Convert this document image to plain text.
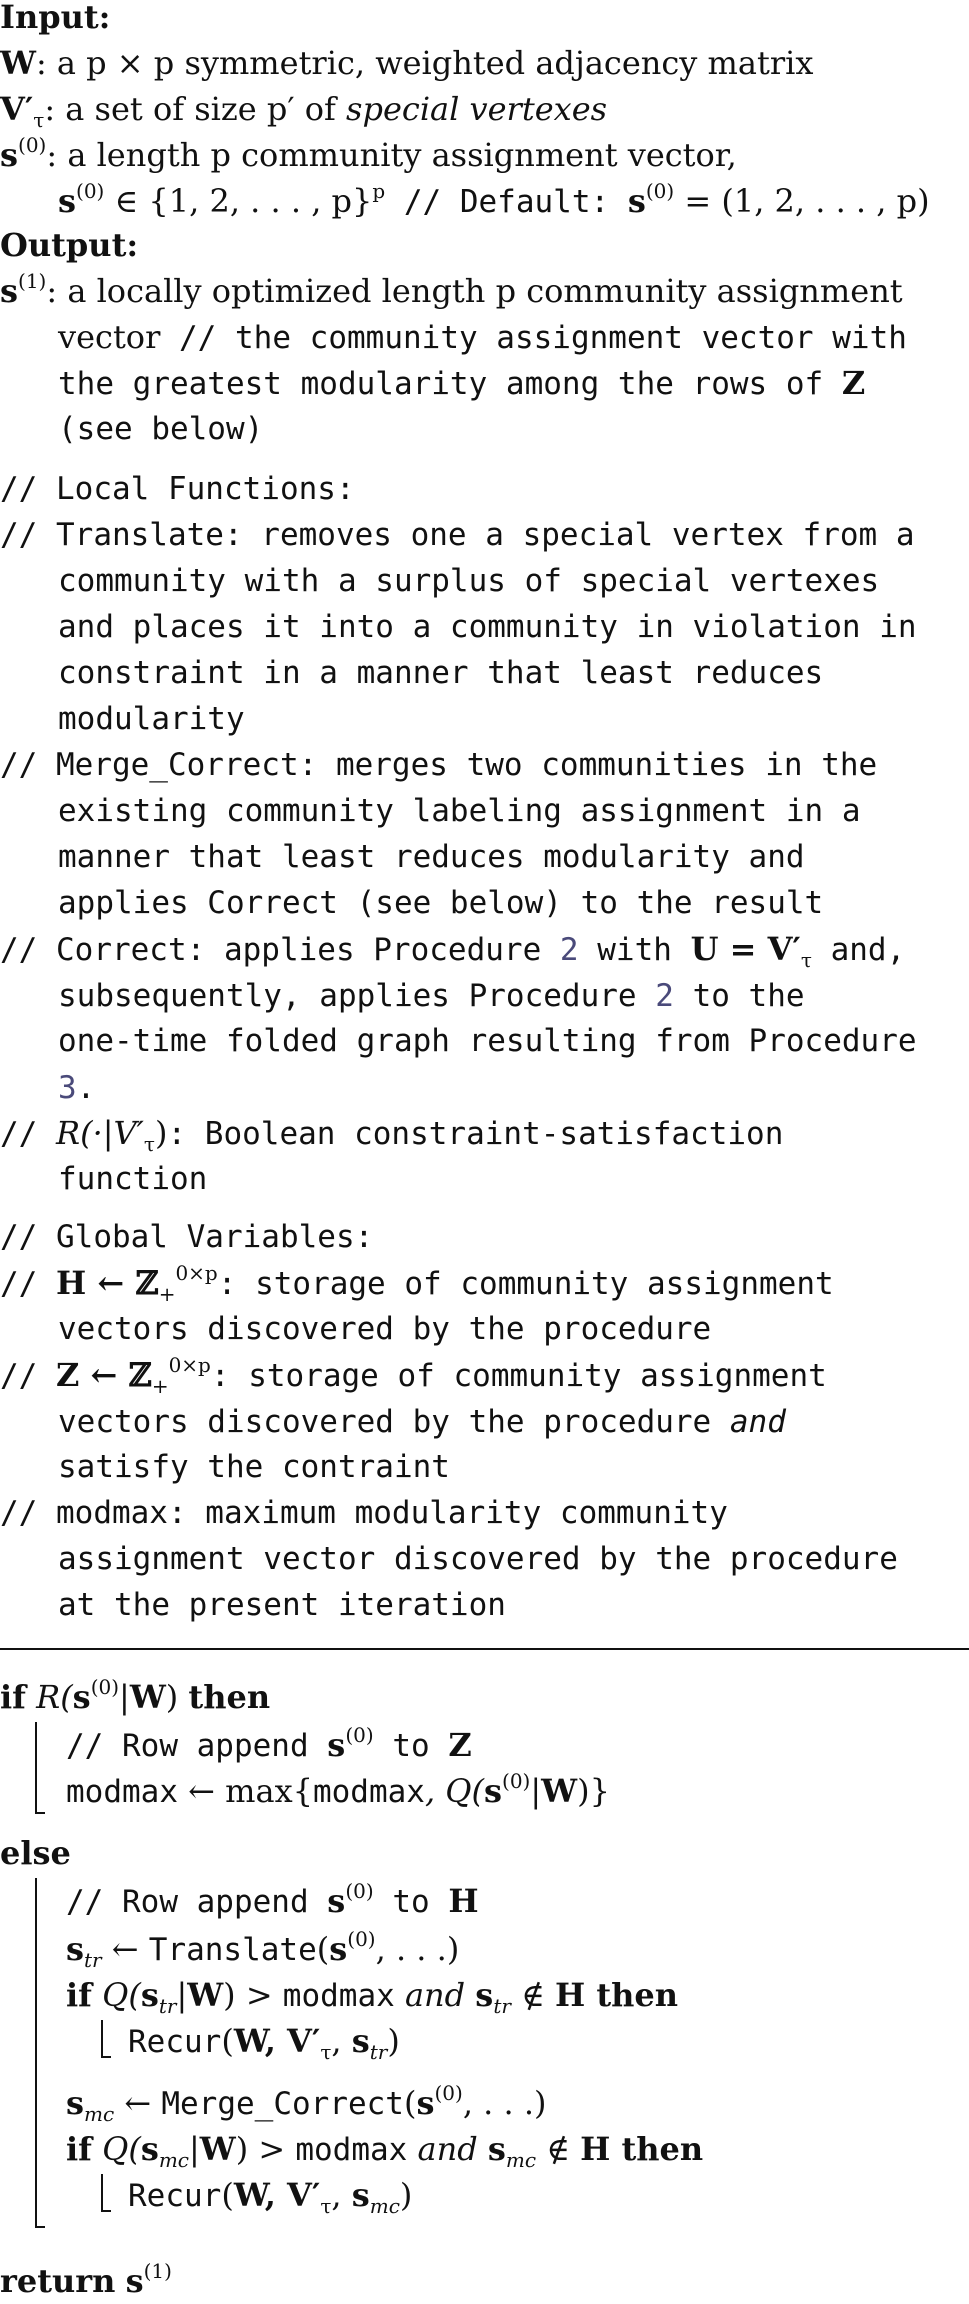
Input:
W: a p × p symmetric, weighted adjacency matrix
$V'_\tau$: a set of size p′ of special vertexes
$s^{(0)}$: a length p community assignment vector,
$s^{(0)}$ ∈ {1, 2, . . . , p}$^p$ // Default: $s^{(0)} = (1$, 2, . . . , p)
Output:
$s^{(1)}$: a locally optimized length p community assignment
vector // the community assignment vector with
the greatest modularity among the rows of Z
(see below)
// Local Functions:
// Translate: removes one a special vertex from a
community with a surplus of special vertexes
and places it into a community in violation in
constraint in a manner that least reduces
modularity
// Merge_Correct: merges two communities in the
existing community labeling assignment in a
manner that least reduces modularity and
applies Correct (see below) to the result
// Correct: applies Procedure 2 with $U = V'_\tau$ and,
subsequently, applies Procedure 2 to the
one-time folded graph resulting from Procedure
3.
// $R(\cdot|V'_\tau)$: Boolean constraint-satisfaction
function
// Global Variables:
// H ← ℤ$_+^{0\times p}$: storage of community assignment
vectors discovered by the procedure
// Z ← ℤ$_+^{0\times p}$: storage of community assignment
vectors discovered by the procedure and
satisfy the contraint
// modmax: maximum modularity community
assignment vector discovered by the procedure
at the present iteration
if $R(s^{(0)}|W)$ then
// Row append $s^{(0)}$ to Z
modmax ← max{modmax, $Q(s^{(0)}|W)$}
else
// Row append $s^{(0)}$ to H
$s_{tr}$ ← $Translate(s^{(0)}$, . . .)
if $Q(s_{tr}|W) > modmax$ and $s_{tr}$ ∉ H then
Recur(W, $V'_\tau$, $s_{tr}$)
$s_{mc}$ ← $Merge\_Correct(s^{(0)}$, . . .)
if $Q(s_{mc}|W) > modmax$ and $s_{mc}$ ∉ H then
Recur(W, $V'_\tau$, $s_{mc}$)
return $s^{(1)}$
